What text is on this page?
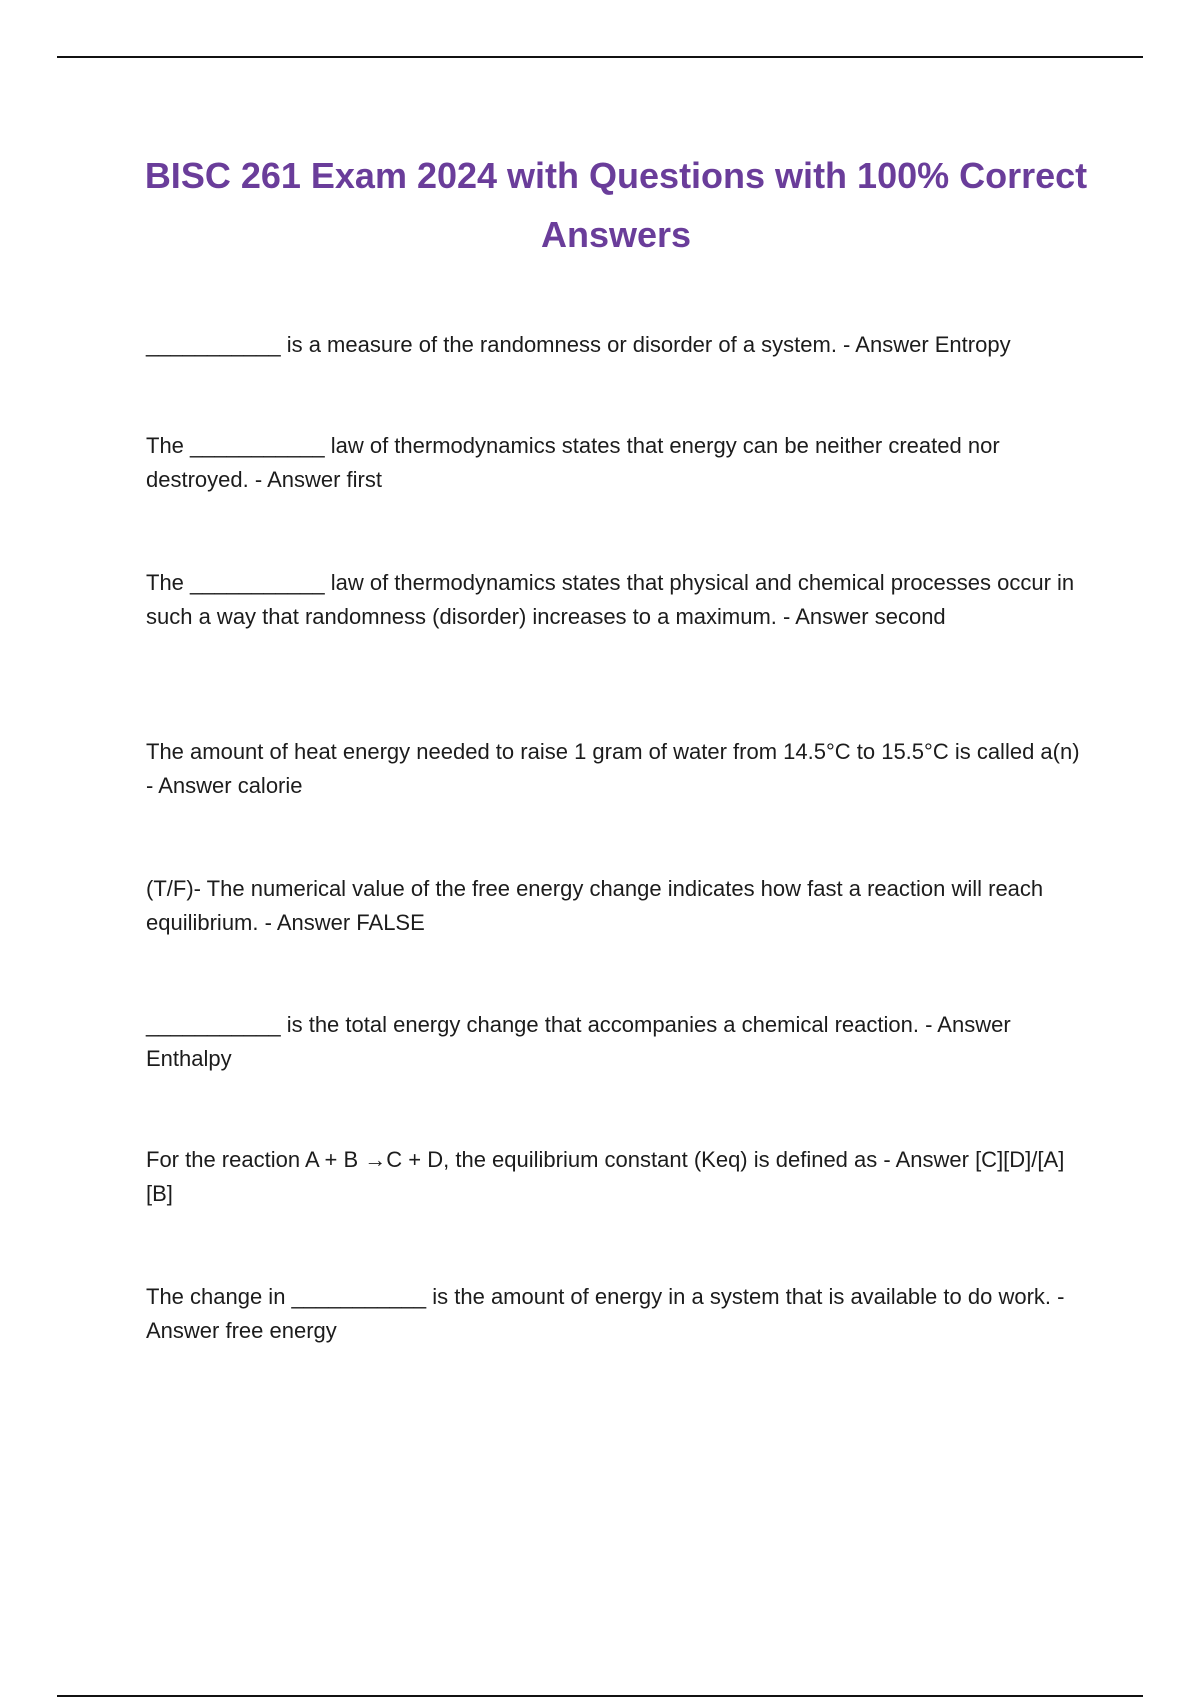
BISC 261 Exam 2024 with Questions with 100% Correct Answers

___________ is a measure of the randomness or disorder of a system. - Answer Entropy

The ___________ law of thermodynamics states that energy can be neither created nor destroyed. - Answer first

The ___________ law of thermodynamics states that physical and chemical processes occur in such a way that randomness (disorder) increases to a maximum. - Answer second

The amount of heat energy needed to raise 1 gram of water from 14.5°C to 15.5°C is called a(n) - Answer calorie

(T/F)- The numerical value of the free energy change indicates how fast a reaction will reach equilibrium. - Answer FALSE

___________ is the total energy change that accompanies a chemical reaction. - Answer Enthalpy

For the reaction A + B →C + D, the equilibrium constant (Keq) is defined as - Answer [C][D]/[A][B]

The change in ___________ is the amount of energy in a system that is available to do work. - Answer free energy
